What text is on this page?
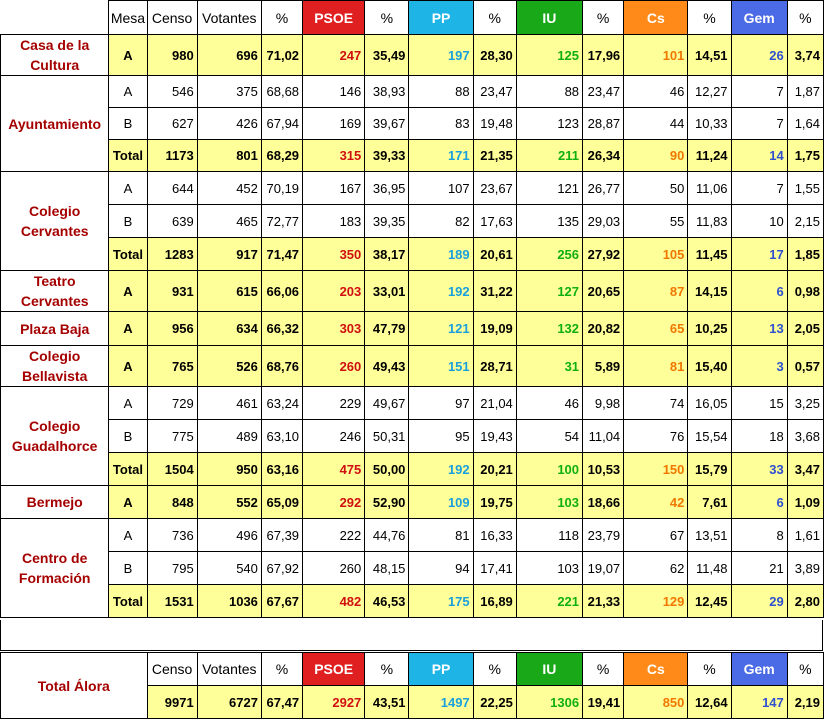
	Mesa	Censo	Votantes	%	PSOE	%	PP	%	IU	%	Cs	%	Gem	%
Casa de la Cultura	A	980	696	71,02	247	35,49	197	28,30	125	17,96	101	14,51	26	3,74
Ayuntamiento	A	546	375	68,68	146	38,93	88	23,47	88	23,47	46	12,27	7	1,87
	B	627	426	67,94	169	39,67	83	19,48	123	28,87	44	10,33	7	1,64
	Total	1173	801	68,29	315	39,33	171	21,35	211	26,34	90	11,24	14	1,75
Colegio Cervantes	A	644	452	70,19	167	36,95	107	23,67	121	26,77	50	11,06	7	1,55
	B	639	465	72,77	183	39,35	82	17,63	135	29,03	55	11,83	10	2,15
	Total	1283	917	71,47	350	38,17	189	20,61	256	27,92	105	11,45	17	1,85
Teatro Cervantes	A	931	615	66,06	203	33,01	192	31,22	127	20,65	87	14,15	6	0,98
Plaza Baja	A	956	634	66,32	303	47,79	121	19,09	132	20,82	65	10,25	13	2,05
Colegio Bellavista	A	765	526	68,76	260	49,43	151	28,71	31	5,89	81	15,40	3	0,57
Colegio Guadalhorce	A	729	461	63,24	229	49,67	97	21,04	46	9,98	74	16,05	15	3,25
	B	775	489	63,10	246	50,31	95	19,43	54	11,04	76	15,54	18	3,68
	Total	1504	950	63,16	475	50,00	192	20,21	100	10,53	150	15,79	33	3,47
Bermejo	A	848	552	65,09	292	52,90	109	19,75	103	18,66	42	7,61	6	1,09
Centro de Formación	A	736	496	67,39	222	44,76	81	16,33	118	23,79	67	13,51	8	1,61
	B	795	540	67,92	260	48,15	94	17,41	103	19,07	62	11,48	21	3,89
	Total	1531	1036	67,67	482	46,53	175	16,89	221	21,33	129	12,45	29	2,80
Total Álora	Censo	Votantes	%	PSOE	%	PP	%	IU	%	Cs	%	Gem	%
	9971	6727	67,47	2927	43,51	1497	22,25	1306	19,41	850	12,64	147	2,19
